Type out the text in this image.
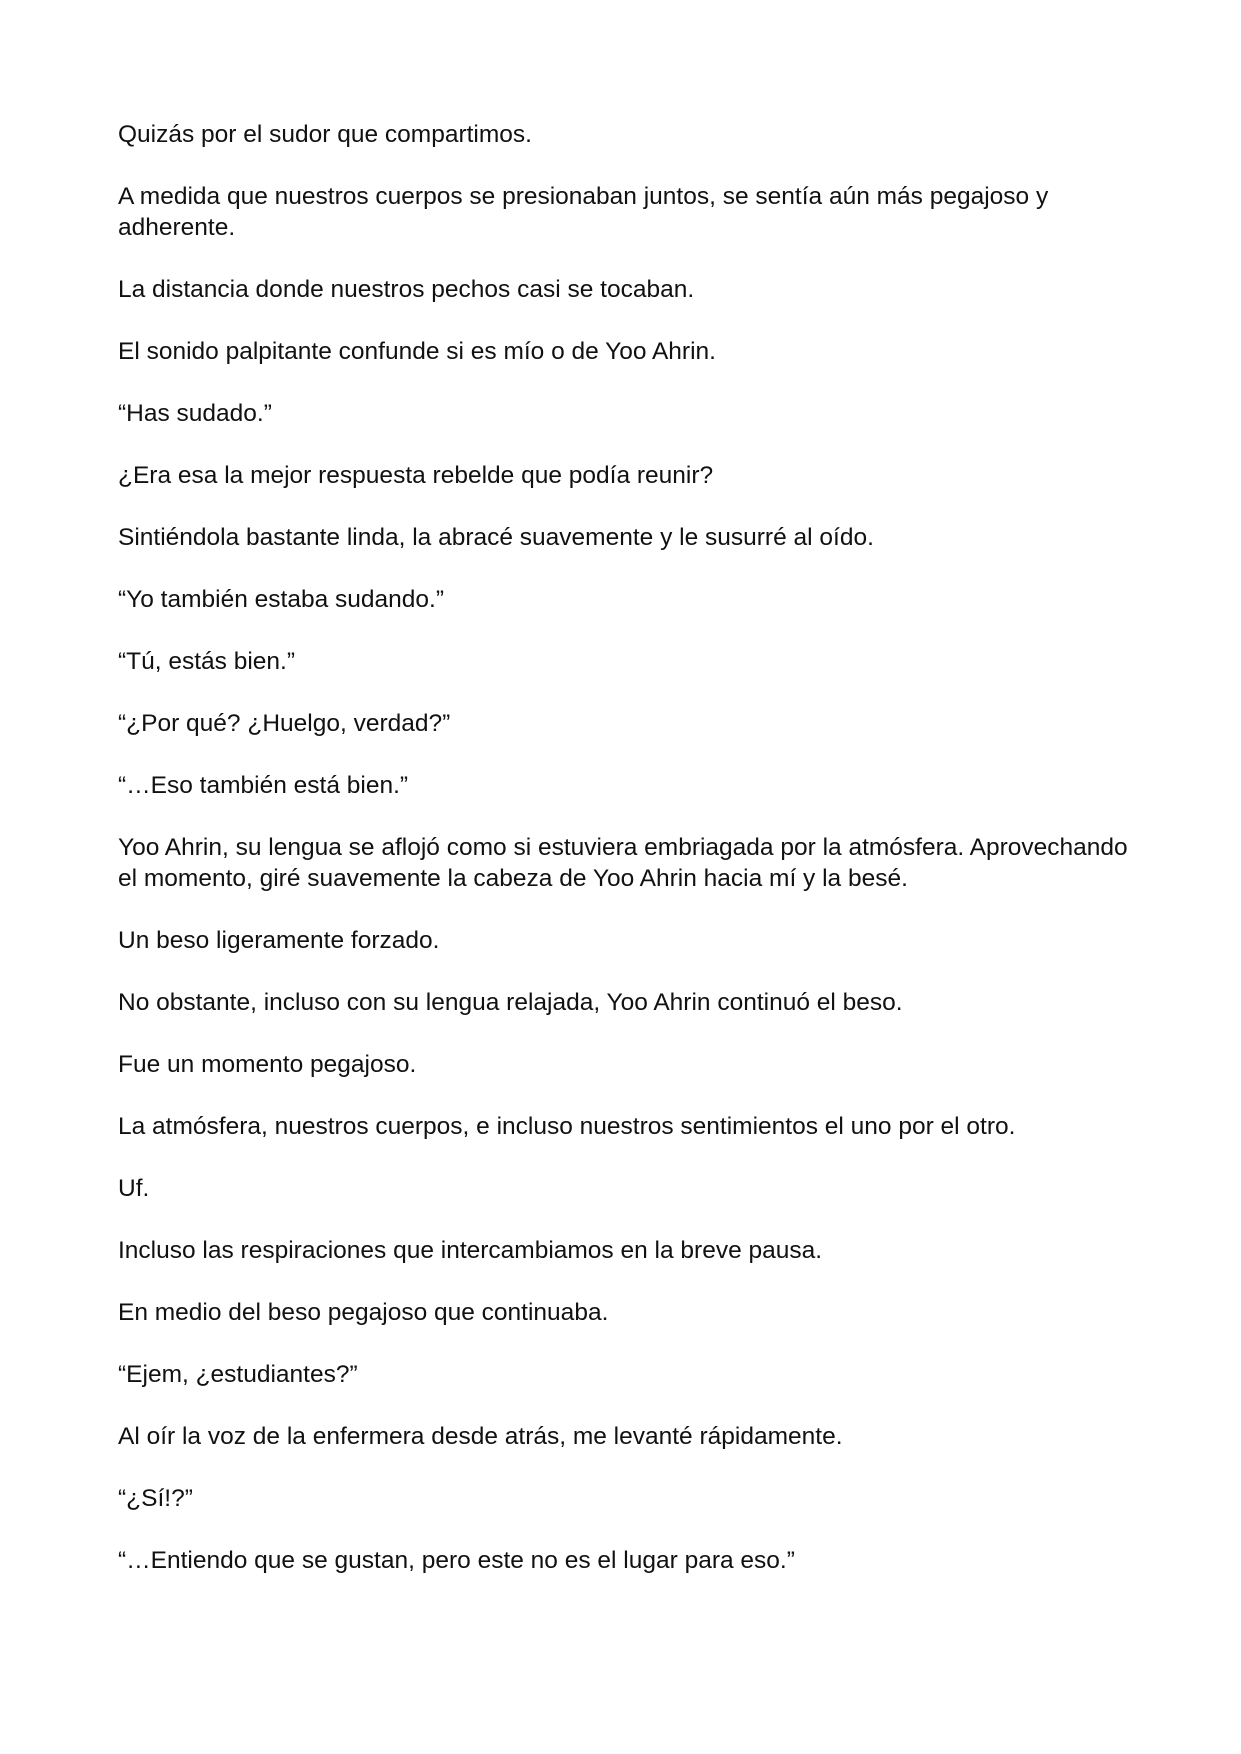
Quizás por el sudor que compartimos.

A medida que nuestros cuerpos se presionaban juntos, se sentía aún más pegajoso y adherente.

La distancia donde nuestros pechos casi se tocaban.

El sonido palpitante confunde si es mío o de Yoo Ahrin.

“Has sudado.”

¿Era esa la mejor respuesta rebelde que podía reunir?

Sintiéndola bastante linda, la abracé suavemente y le susurré al oído.

“Yo también estaba sudando.”

“Tú, estás bien.”

“¿Por qué? ¿Huelgo, verdad?”

“…Eso también está bien.”

Yoo Ahrin, su lengua se aflojó como si estuviera embriagada por la atmósfera. Aprovechando el momento, giré suavemente la cabeza de Yoo Ahrin hacia mí y la besé.

Un beso ligeramente forzado.

No obstante, incluso con su lengua relajada, Yoo Ahrin continuó el beso.

Fue un momento pegajoso.

La atmósfera, nuestros cuerpos, e incluso nuestros sentimientos el uno por el otro.

Uf.

Incluso las respiraciones que intercambiamos en la breve pausa.

En medio del beso pegajoso que continuaba.

“Ejem, ¿estudiantes?”

Al oír la voz de la enfermera desde atrás, me levanté rápidamente.

“¿Sí!?”

“…Entiendo que se gustan, pero este no es el lugar para eso.”
